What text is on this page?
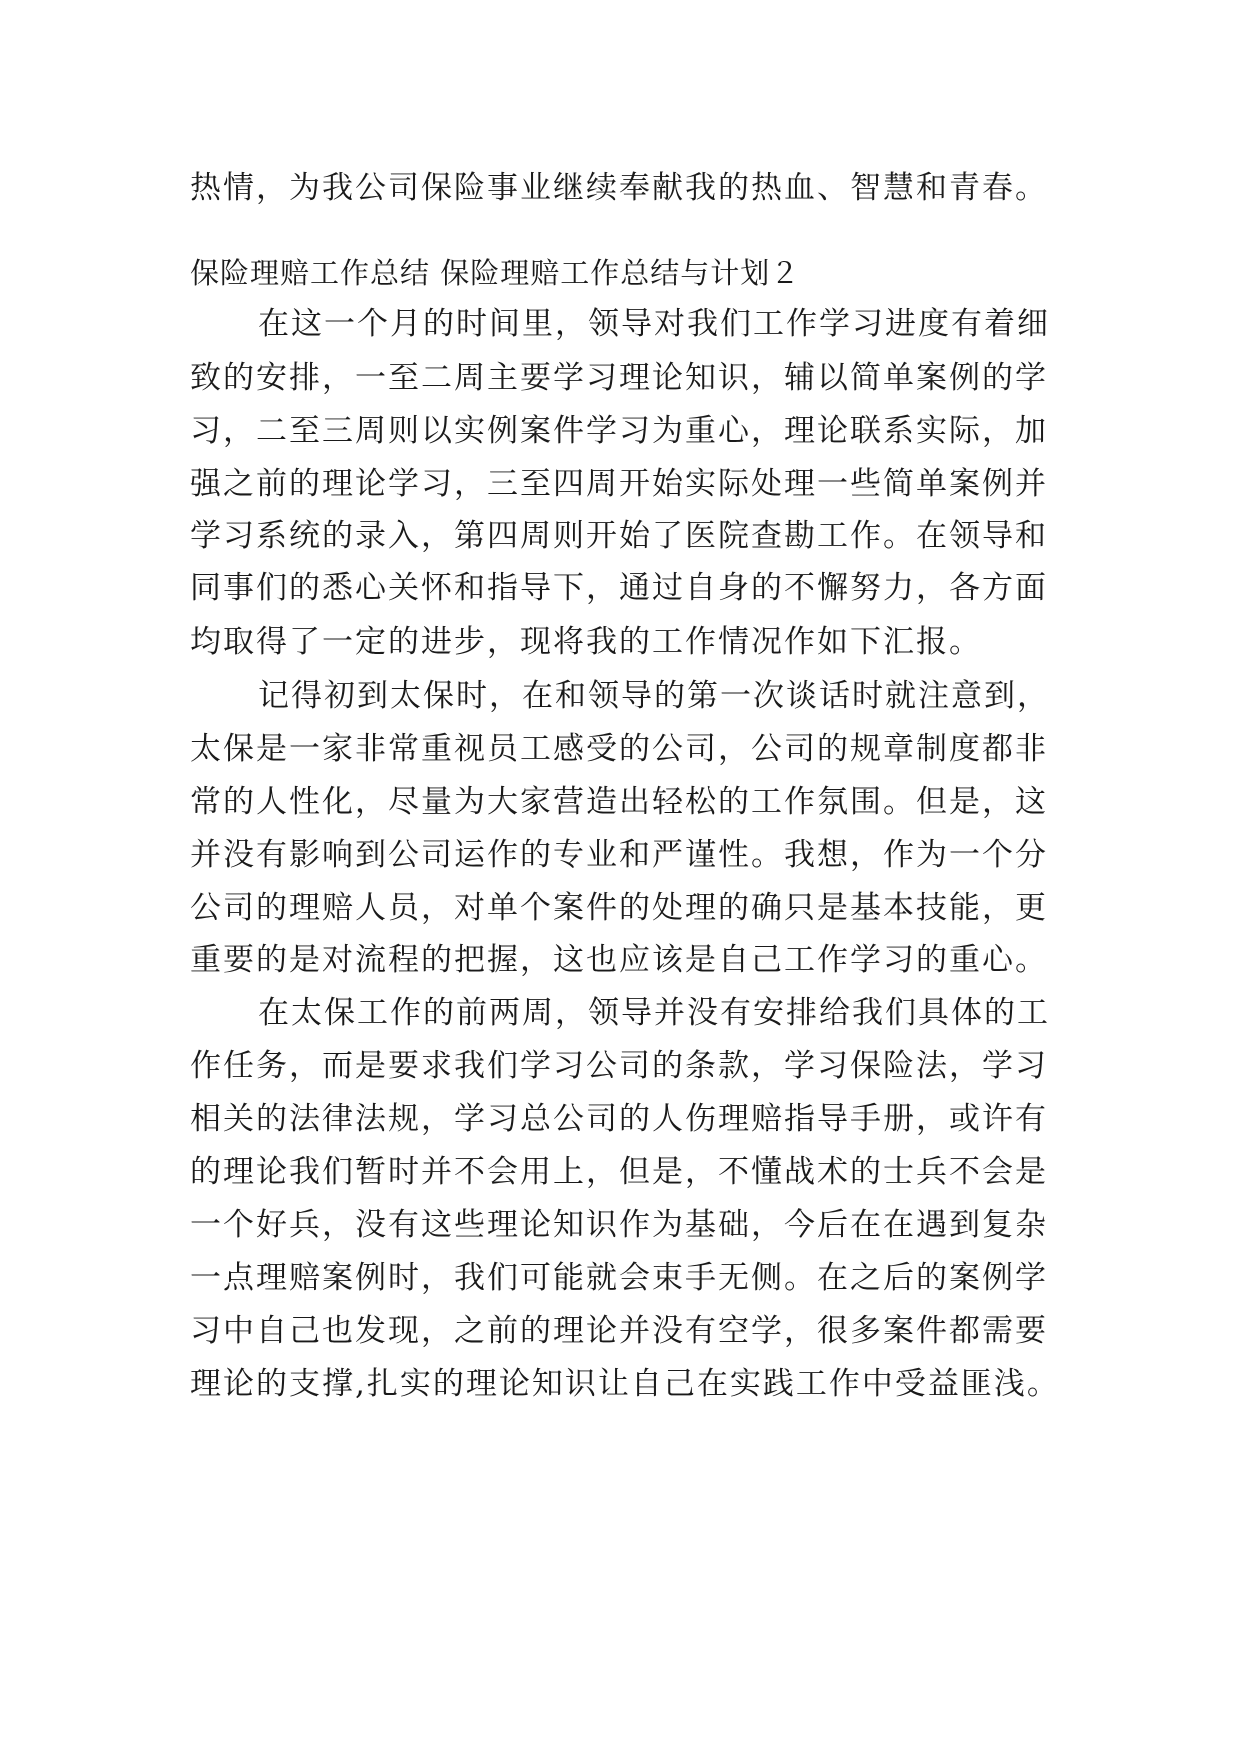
热情，为我公司保险事业继续奉献我的热血、智慧和青春。
保险理赔工作总结 保险理赔工作总结与计划２
在这一个月的时间里，领导对我们工作学习进度有着细
致的安排，一至二周主要学习理论知识，辅以简单案例的学
习，二至三周则以实例案件学习为重心，理论联系实际，加
强之前的理论学习，三至四周开始实际处理一些简单案例并
学习系统的录入，第四周则开始了医院查勘工作。在领导和
同事们的悉心关怀和指导下，通过自身的不懈努力，各方面
均取得了一定的进步，现将我的工作情况作如下汇报。
记得初到太保时，在和领导的第一次谈话时就注意到，
太保是一家非常重视员工感受的公司，公司的规章制度都非
常的人性化，尽量为大家营造出轻松的工作氛围。但是，这
并没有影响到公司运作的专业和严谨性。我想，作为一个分
公司的理赔人员，对单个案件的处理的确只是基本技能，更
重要的是对流程的把握，这也应该是自己工作学习的重心。
在太保工作的前两周，领导并没有安排给我们具体的工
作任务，而是要求我们学习公司的条款，学习保险法，学习
相关的法律法规，学习总公司的人伤理赔指导手册，或许有
的理论我们暂时并不会用上，但是，不懂战术的士兵不会是
一个好兵，没有这些理论知识作为基础，今后在在遇到复杂
一点理赔案例时，我们可能就会束手无侧。在之后的案例学
习中自己也发现，之前的理论并没有空学，很多案件都需要
理论的支撑,扎实的理论知识让自己在实践工作中受益匪浅。
